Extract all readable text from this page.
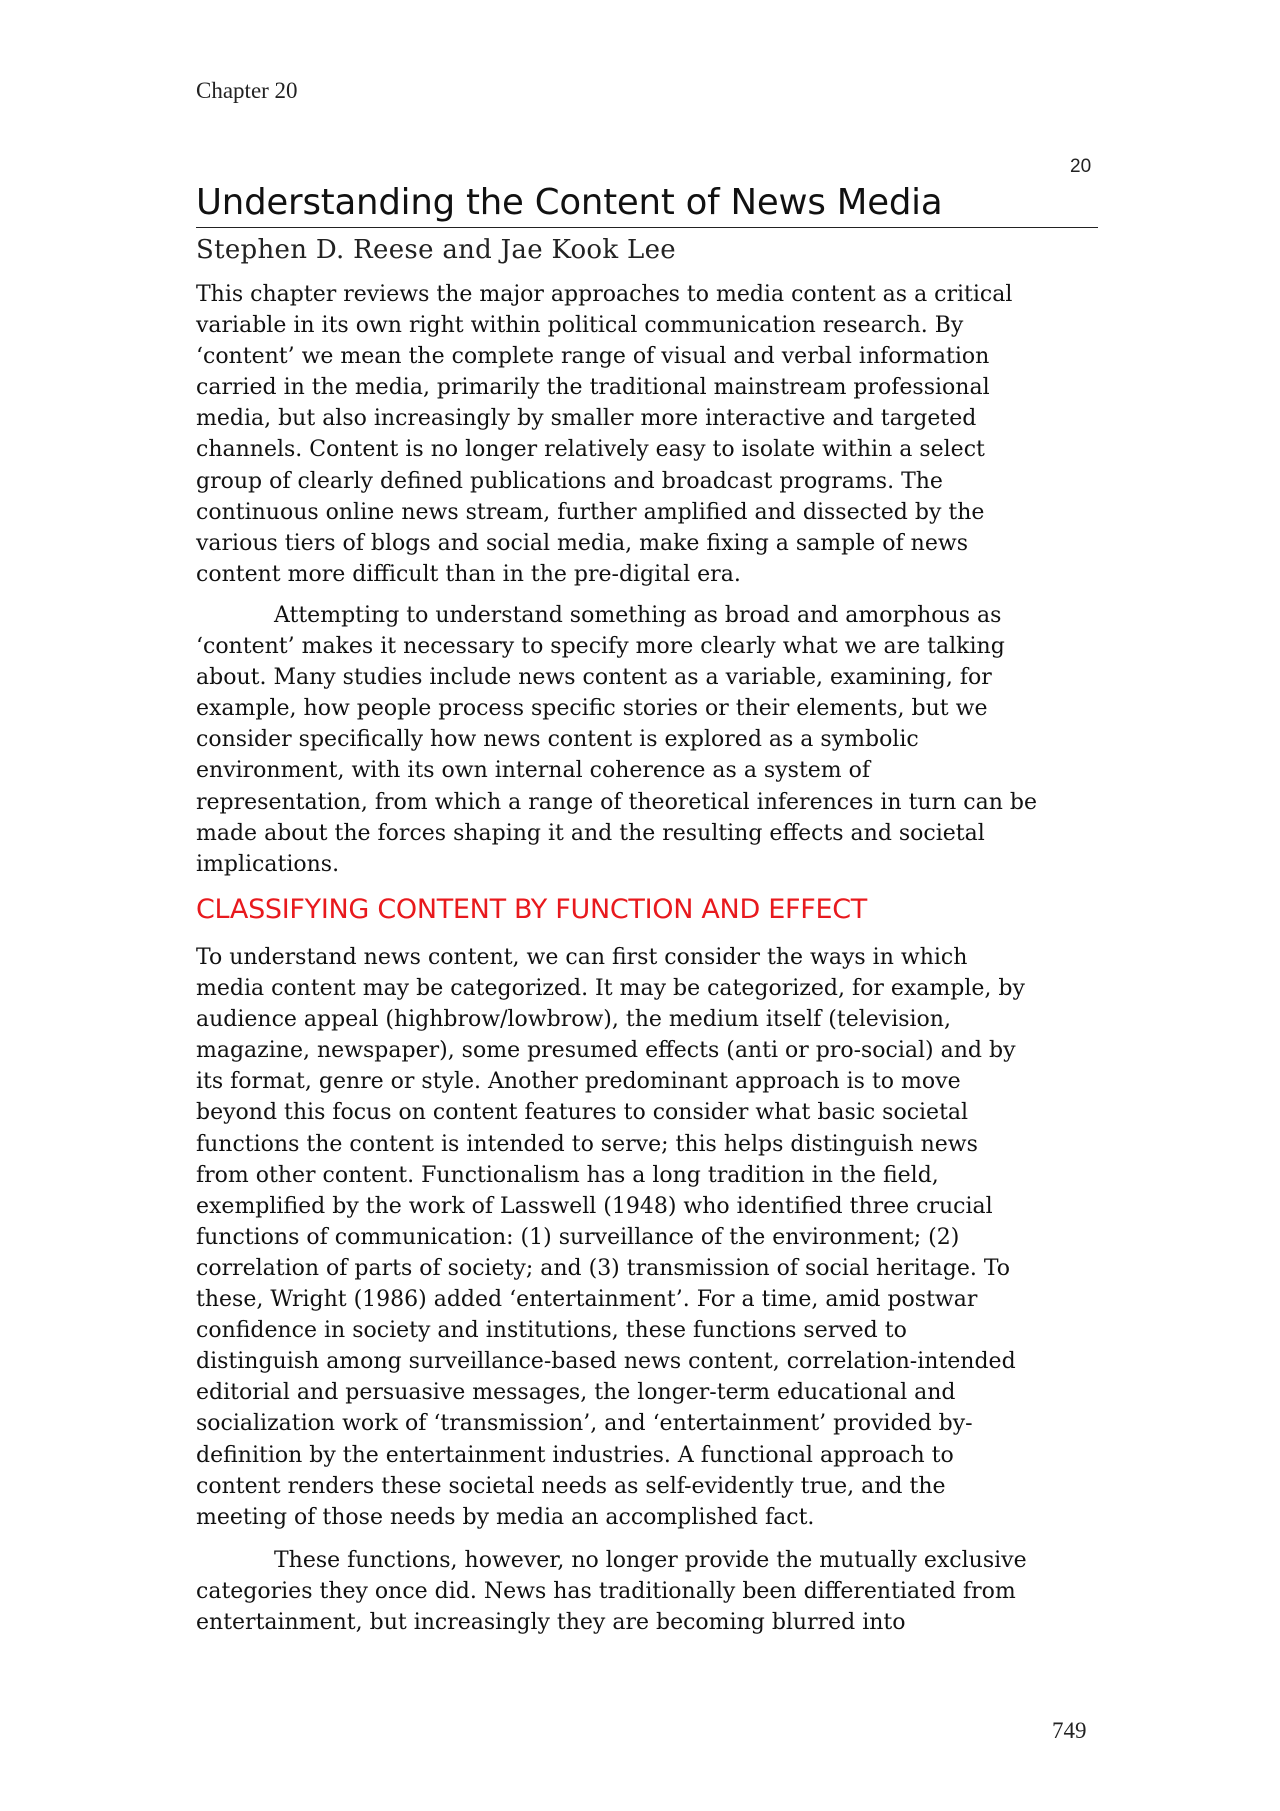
Chapter 20
20
Understanding the Content of News Media
Stephen D. Reese and Jae Kook Lee

This chapter reviews the major approaches to media content as a critical
variable in its own right within political communication research. By
‘content’ we mean the complete range of visual and verbal information
carried in the media, primarily the traditional mainstream professional
media, but also increasingly by smaller more interactive and targeted
channels. Content is no longer relatively easy to isolate within a select
group of clearly defined publications and broadcast programs. The
continuous online news stream, further amplified and dissected by the
various tiers of blogs and social media, make fixing a sample of news
content more difficult than in the pre-digital era.

Attempting to understand something as broad and amorphous as
‘content’ makes it necessary to specify more clearly what we are talking
about. Many studies include news content as a variable, examining, for
example, how people process specific stories or their elements, but we
consider specifically how news content is explored as a symbolic
environment, with its own internal coherence as a system of
representation, from which a range of theoretical inferences in turn can be
made about the forces shaping it and the resulting effects and societal
implications.

CLASSIFYING CONTENT BY FUNCTION AND EFFECT

To understand news content, we can first consider the ways in which
media content may be categorized. It may be categorized, for example, by
audience appeal (highbrow/lowbrow), the medium itself (television,
magazine, newspaper), some presumed effects (anti or pro-social) and by
its format, genre or style. Another predominant approach is to move
beyond this focus on content features to consider what basic societal
functions the content is intended to serve; this helps distinguish news
from other content. Functionalism has a long tradition in the field,
exemplified by the work of Lasswell (1948) who identified three crucial
functions of communication: (1) surveillance of the environment; (2)
correlation of parts of society; and (3) transmission of social heritage. To
these, Wright (1986) added ‘entertainment’. For a time, amid postwar
confidence in society and institutions, these functions served to
distinguish among surveillance-based news content, correlation-intended
editorial and persuasive messages, the longer-term educational and
socialization work of ‘transmission’, and ‘entertainment’ provided by-
definition by the entertainment industries. A functional approach to
content renders these societal needs as self-evidently true, and the
meeting of those needs by media an accomplished fact.

These functions, however, no longer provide the mutually exclusive
categories they once did. News has traditionally been differentiated from
entertainment, but increasingly they are becoming blurred into

749
